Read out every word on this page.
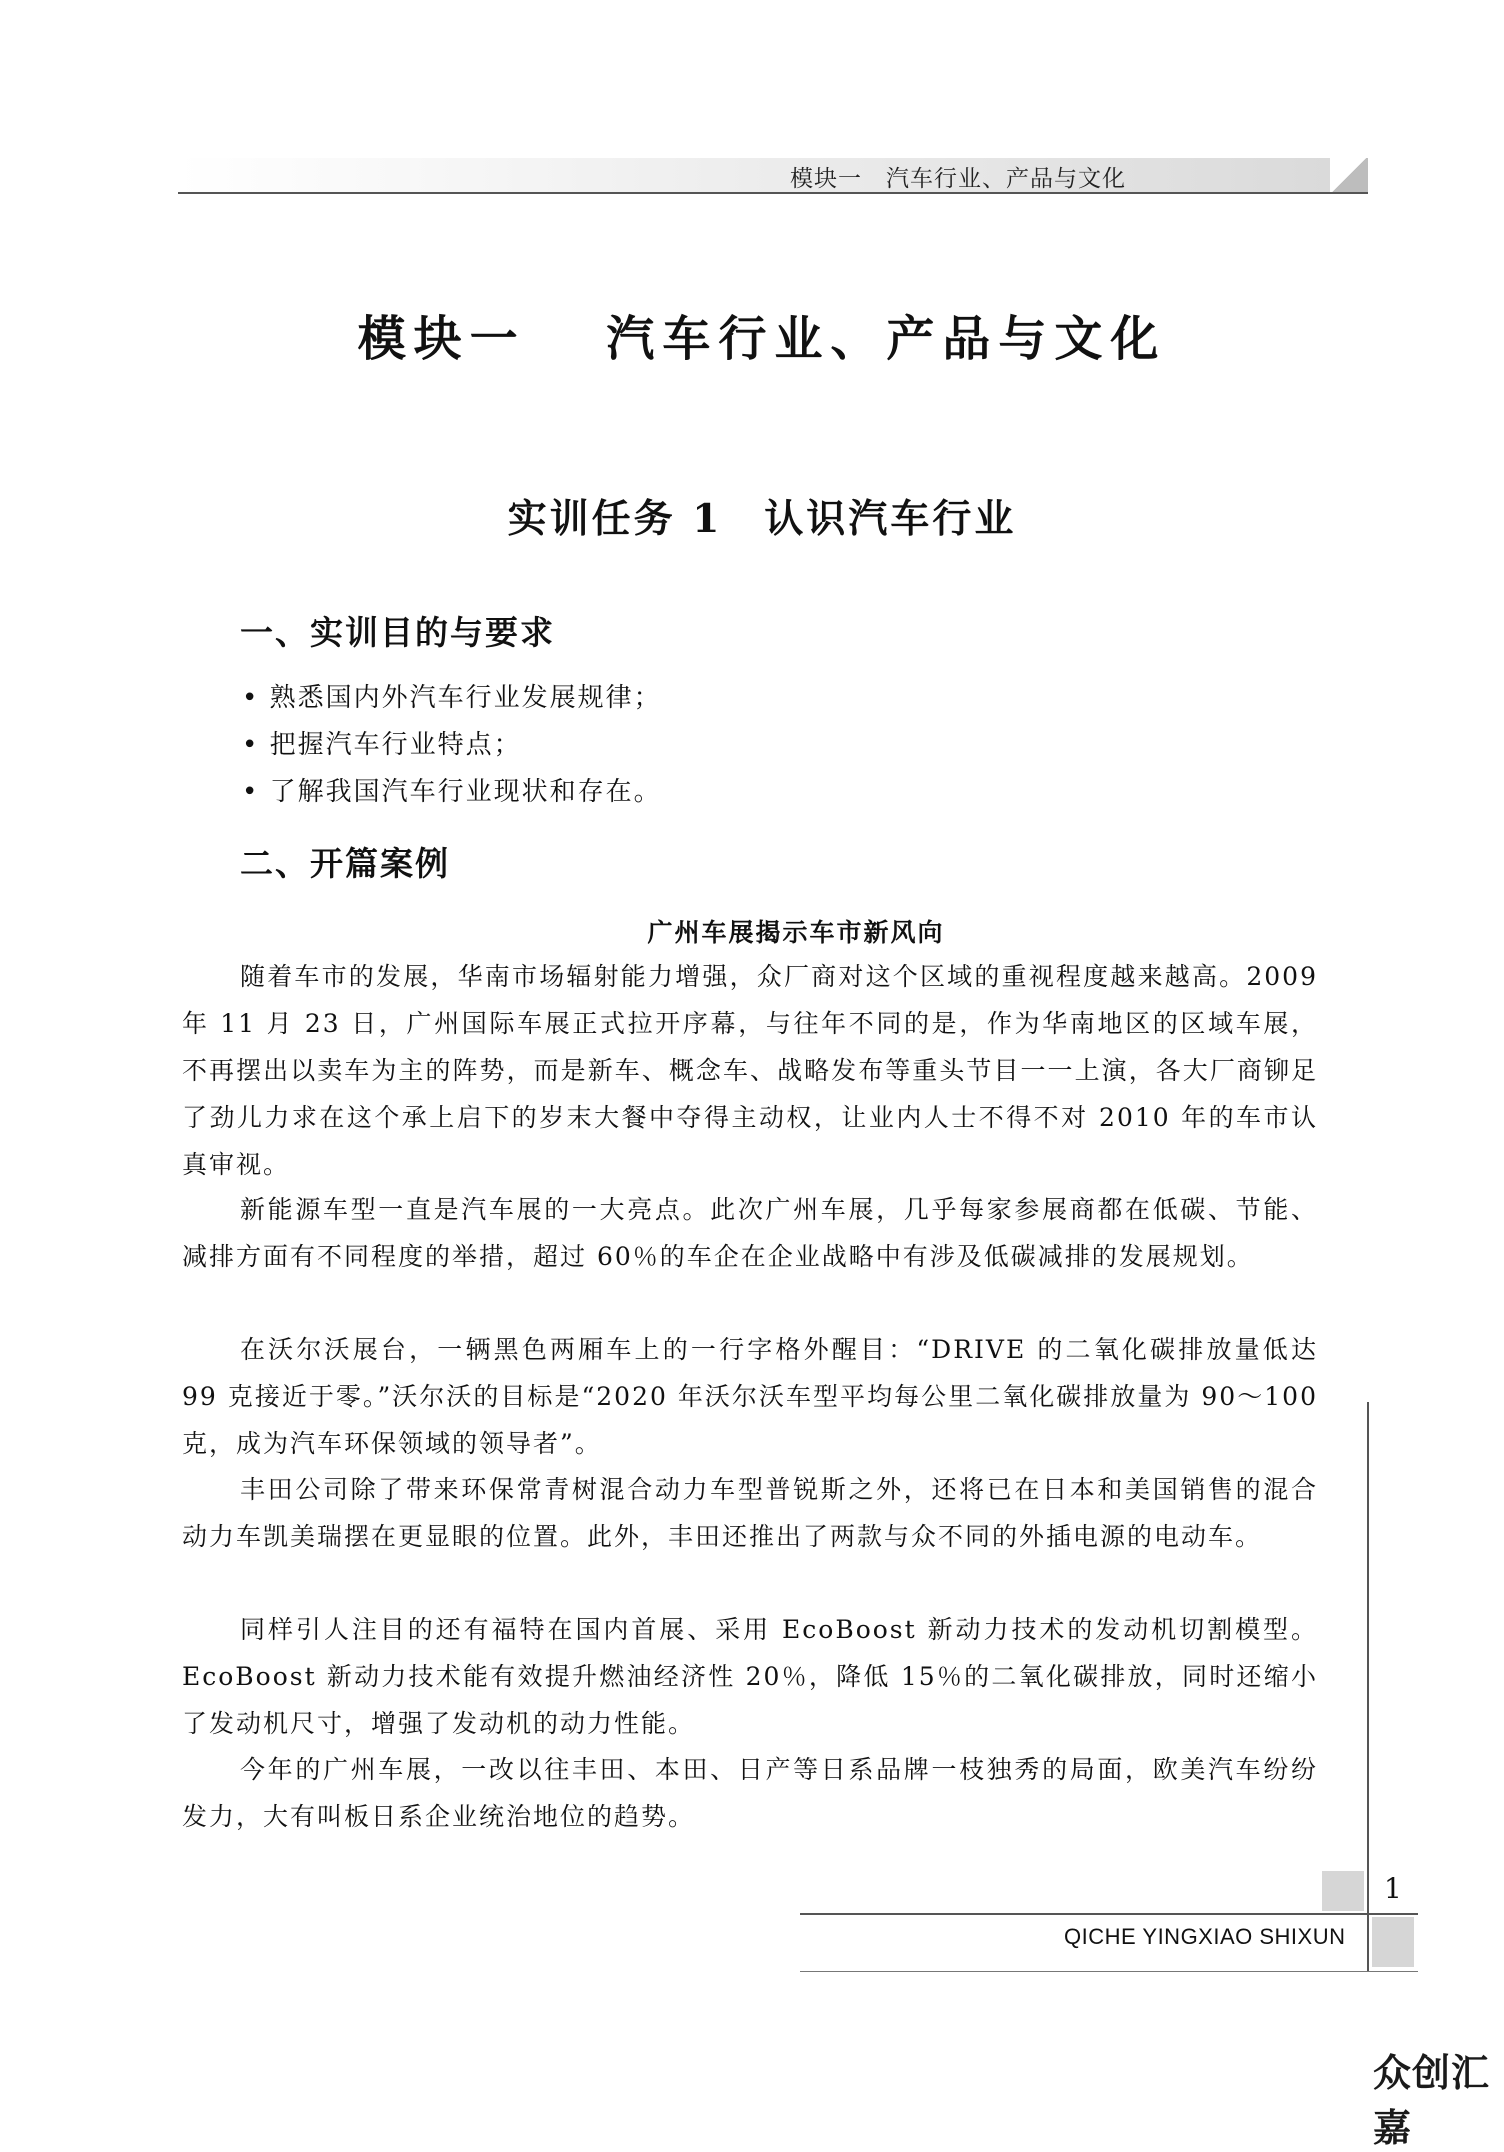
模块一　汽车行业、产品与文化
模块一　 汽车行业、产品与文化
实训任务 1　认识汽车行业
一、实训目的与要求
• 熟悉国内外汽车行业发展规律；
• 把握汽车行业特点；
• 了解我国汽车行业现状和存在。
二、开篇案例
广州车展揭示车市新风向

随着车市的发展，华南市场辐射能力增强，众厂商对这个区域的重视程度越来越高。2009 年 11 月 23 日，广州国际车展正式拉开序幕，与往年不同的是，作为华南地区的区域车展，不再摆出以卖车为主的阵势，而是新车、概念车、战略发布等重头节目一一上演，各大厂商铆足了劲儿力求在这个承上启下的岁末大餐中夺得主动权，让业内人士不得不对 2010 年的车市认真审视。

新能源车型一直是汽车展的一大亮点。此次广州车展，几乎每家参展商都在低碳、节能、减排方面有不同程度的举措，超过 60％的车企在企业战略中有涉及低碳减排的发展规划。

在沃尔沃展台，一辆黑色两厢车上的一行字格外醒目：“DRIVE 的二氧化碳排放量低达 99 克接近于零。”沃尔沃的目标是“2020 年沃尔沃车型平均每公里二氧化碳排放量为 90～100 克，成为汽车环保领域的领导者”。

丰田公司除了带来环保常青树混合动力车型普锐斯之外，还将已在日本和美国销售的混合动力车凯美瑞摆在更显眼的位置。此外，丰田还推出了两款与众不同的外插电源的电动车。

同样引人注目的还有福特在国内首展、采用 EcoBoost 新动力技术的发动机切割模型。EcoBoost 新动力技术能有效提升燃油经济性 20％，降低 15％的二氧化碳排放，同时还缩小了发动机尺寸，增强了发动机的动力性能。

今年的广州车展，一改以往丰田、本田、日产等日系品牌一枝独秀的局面，欧美汽车纷纷发力，大有叫板日系企业统治地位的趋势。

1
QICHE YINGXIAO SHIXUN
众创汇嘉
